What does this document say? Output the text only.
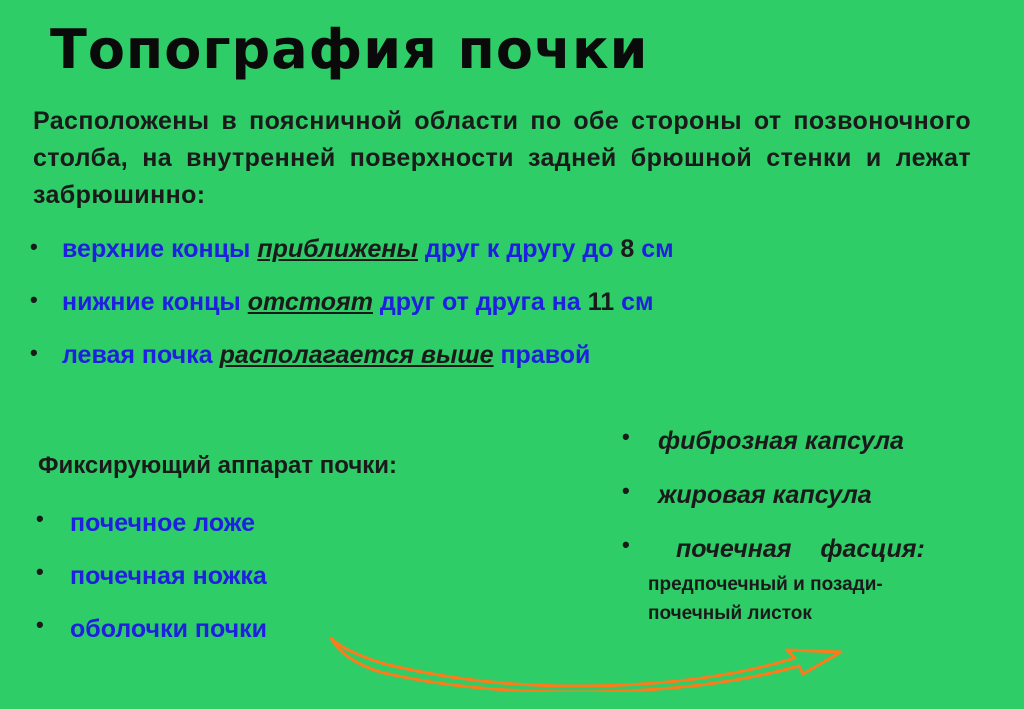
Топография почки
Расположены в поясничной области по обе стороны от позвоночного столба, на внутренней поверхности задней брюшной стенки и лежат забрюшинно:
• верхние концы приближены друг к другу до 8 см
• нижние концы отстоят друг от друга на 11 см
• левая почка располагается выше правой
Фиксирующий аппарат почки:
• почечное ложе
• почечная ножка
• оболочки почки
• фиброзная капсула
• жировая капсула
• почечная фасция:
предпочечный и позади-
почечный листок
